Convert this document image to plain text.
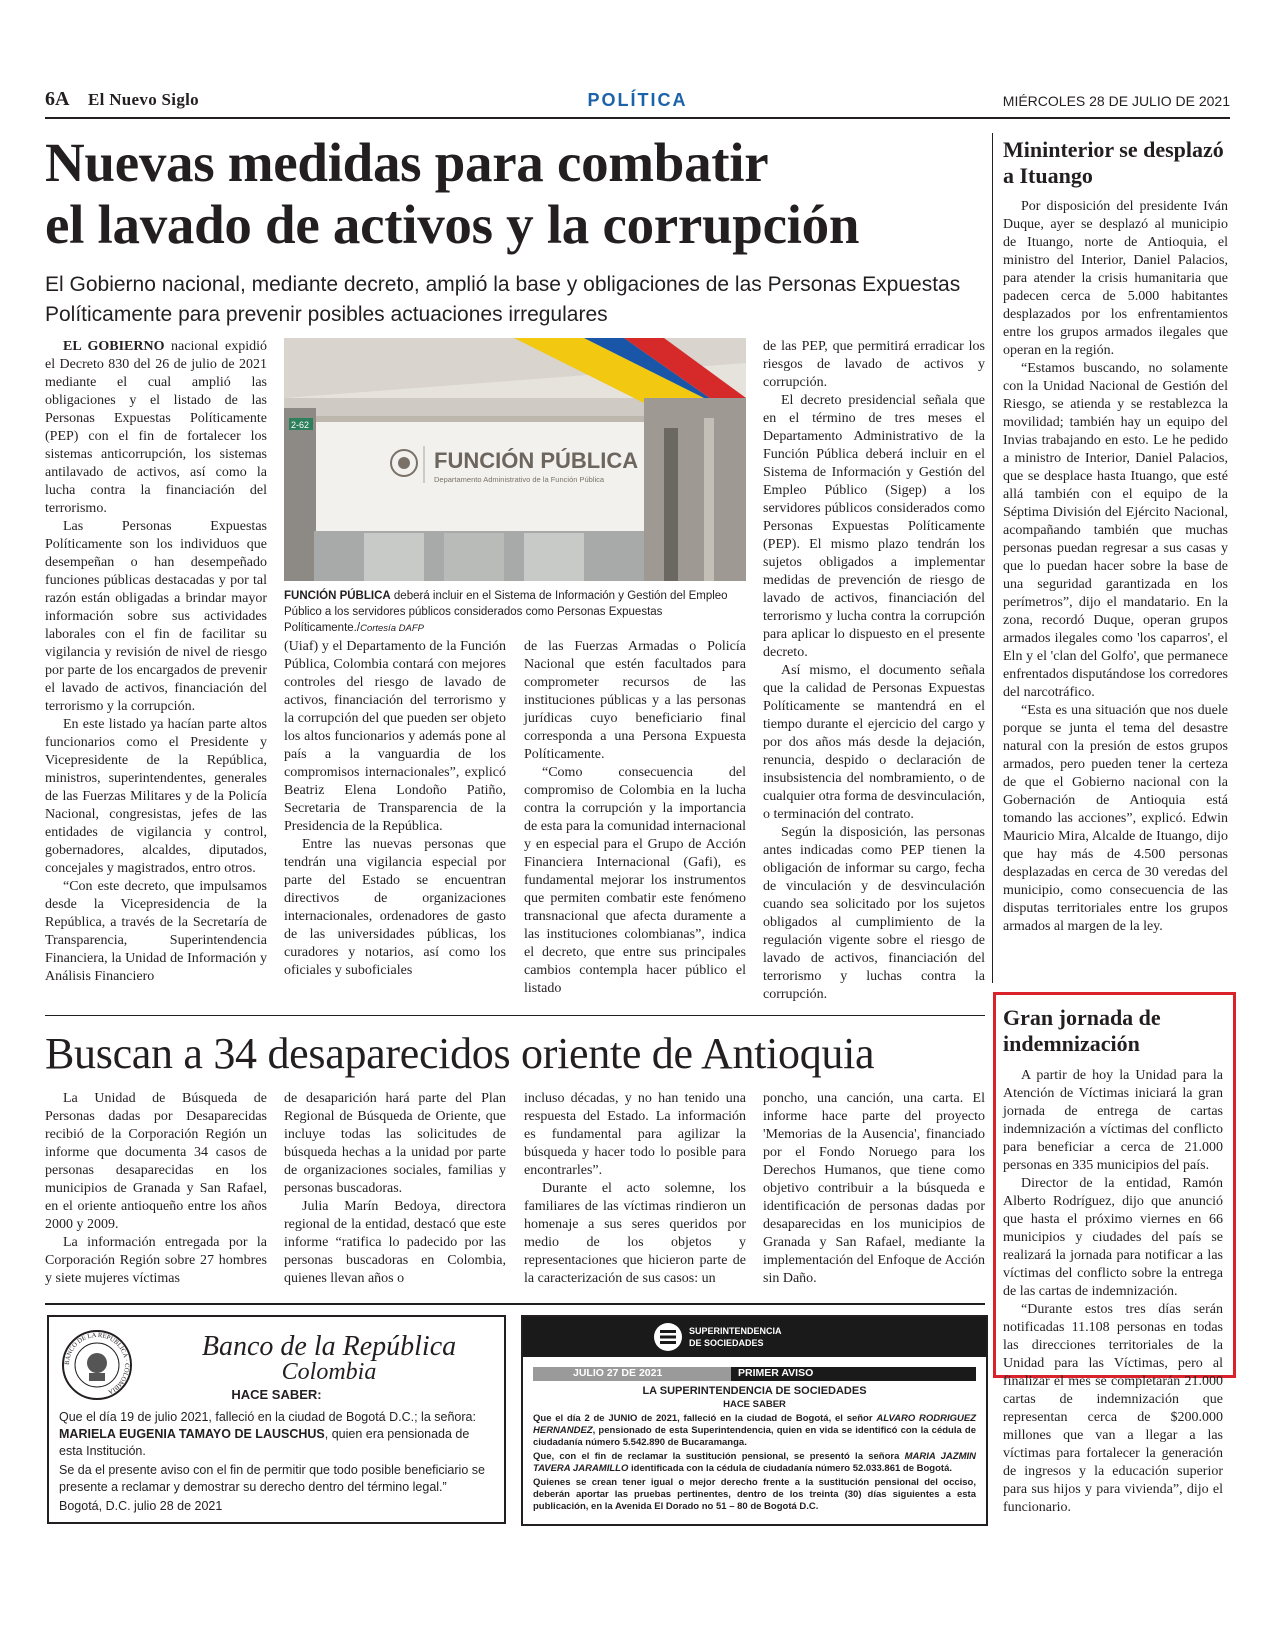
6A El Nuevo Siglo	POLÍTICA	MIÉRCOLES 28 DE JULIO DE 2021
Nuevas medidas para combatir
el lavado de activos y la corrupción
El Gobierno nacional, mediante decreto, amplió la base y obligaciones de las Personas Expuestas Políticamente para prevenir posibles actuaciones irregulares

EL GOBIERNO nacional expidió el Decreto 830 del 26 de julio de 2021 mediante el cual amplió las obligaciones y el listado de las Personas Expuestas Políticamente (PEP) con el fin de fortalecer los sistemas anticorrupción, los sistemas antilavado de activos, así como la lucha contra la financiación del terrorismo.

Las Personas Expuestas Políticamente son los individuos que desempeñan o han desempeñado funciones públicas destacadas y por tal razón están obligadas a brindar mayor información sobre sus actividades laborales con el fin de facilitar su vigilancia y revisión de nivel de riesgo por parte de los encargados de prevenir el lavado de activos, financiación del terrorismo y la corrupción.

En este listado ya hacían parte altos funcionarios como el Presidente y Vicepresidente de la República, ministros, superintendentes, generales de las Fuerzas Militares y de la Policía Nacional, congresistas, jefes de las entidades de vigilancia y control, gobernadores, alcaldes, diputados, concejales y magistrados, entro otros.

“Con este decreto, que impulsamos desde la Vicepresidencia de la República, a través de la Secretaría de Transparencia, Superintendencia Financiera, la Unidad de Información y Análisis Financiero

2-62
FUNCIÓN PÚBLICA
Departamento Administrativo de la Función Pública
FUNCIÓN PÚBLICA deberá incluir en el Sistema de Información y Gestión del Empleo Público a los servidores públicos considerados como Personas Expuestas Políticamente./Cortesía DAFP

(Uiaf) y el Departamento de la Función Pública, Colombia contará con mejores controles del riesgo de lavado de activos, financiación del terrorismo y la corrupción del que pueden ser objeto los altos funcionarios y además pone al país a la vanguardia de los compromisos internacionales”, explicó Beatriz Elena Londoño Patiño, Secretaria de Transparencia de la Presidencia de la República.

Entre las nuevas personas que tendrán una vigilancia especial por parte del Estado se encuentran directivos de organizaciones internacionales, ordenadores de gasto de las universidades públicas, los curadores y notarios, así como los oficiales y suboficiales

de las Fuerzas Armadas o Policía Nacional que estén facultados para comprometer recursos de las instituciones públicas y a las personas jurídicas cuyo beneficiario final corresponda a una Persona Expuesta Políticamente.

“Como consecuencia del compromiso de Colombia en la lucha contra la corrupción y la importancia de esta para la comunidad internacional y en especial para el Grupo de Acción Financiera Internacional (Gafi), es fundamental mejorar los instrumentos que permiten combatir este fenómeno transnacional que afecta duramente a las instituciones colombianas”, indica el decreto, que entre sus principales cambios contempla hacer público el listado

de las PEP, que permitirá erradicar los riesgos de lavado de activos y corrupción.

El decreto presidencial señala que en el término de tres meses el Departamento Administrativo de la Función Pública deberá incluir en el Sistema de Información y Gestión del Empleo Público (Sigep) a los servidores públicos considerados como Personas Expuestas Políticamente (PEP). El mismo plazo tendrán los sujetos obligados a implementar medidas de prevención de riesgo de lavado de activos, financiación del terrorismo y lucha contra la corrupción para aplicar lo dispuesto en el presente decreto.

Así mismo, el documento señala que la calidad de Personas Expuestas Políticamente se mantendrá en el tiempo durante el ejercicio del cargo y por dos años más desde la dejación, renuncia, despido o declaración de insubsistencia del nombramiento, o de cualquier otra forma de desvinculación, o terminación del contrato.

Según la disposición, las personas antes indicadas como PEP tienen la obligación de informar su cargo, fecha de vinculación y de desvinculación cuando sea solicitado por los sujetos obligados al cumplimiento de la regulación vigente sobre el riesgo de lavado de activos, financiación del terrorismo y luchas contra la corrupción.

Mininterior se desplazó a Ituango

Por disposición del presidente Iván Duque, ayer se desplazó al municipio de Ituango, norte de Antioquia, el ministro del Interior, Daniel Palacios, para atender la crisis humanitaria que padecen cerca de 5.000 habitantes desplazados por los enfrentamientos entre los grupos armados ilegales que operan en la región.

“Estamos buscando, no solamente con la Unidad Nacional de Gestión del Riesgo, se atienda y se restablezca la movilidad; también hay un equipo del Invias trabajando en esto. Le he pedido a ministro de Interior, Daniel Palacios, que se desplace hasta Ituango, que esté allá también con el equipo de la Séptima División del Ejército Nacional, acompañando también que muchas personas puedan regresar a sus casas y que lo puedan hacer sobre la base de una seguridad garantizada en los perímetros”, dijo el mandatario. En la zona, recordó Duque, operan grupos armados ilegales como 'los caparros', el Eln y el 'clan del Golfo', que permanece enfrentados disputándose los corredores del narcotráfico.

“Esta es una situación que nos duele porque se junta el tema del desastre natural con la presión de estos grupos armados, pero pueden tener la certeza de que el Gobierno nacional con la Gobernación de Antioquia está tomando las acciones”, explicó. Edwin Mauricio Mira, Alcalde de Ituango, dijo que hay más de 4.500 personas desplazadas en cerca de 30 veredas del municipio, como consecuencia de las disputas territoriales entre los grupos armados al margen de la ley.

Gran jornada de indemnización

A partir de hoy la Unidad para la Atención de Víctimas iniciará la gran jornada de entrega de cartas indemnización a víctimas del conflicto para beneficiar a cerca de 21.000 personas en 335 municipios del país.

Director de la entidad, Ramón Alberto Rodríguez, dijo que anunció que hasta el próximo viernes en 66 municipios y ciudades del país se realizará la jornada para notificar a las víctimas del conflicto sobre la entrega de las cartas de indemnización.

“Durante estos tres días serán notificadas 11.108 personas en todas las direcciones territoriales de la Unidad para las Víctimas, pero al finalizar el mes se completarán 21.000 cartas de indemnización que representan cerca de $200.000 millones que van a llegar a las víctimas para fortalecer la generación de ingresos y la educación superior para sus hijos y para vivienda”, dijo el funcionario.

Buscan a 34 desaparecidos oriente de Antioquia

La Unidad de Búsqueda de Personas dadas por Desaparecidas recibió de la Corporación Región un informe que documenta 34 casos de personas desaparecidas en los municipios de Granada y San Rafael, en el oriente antioqueño entre los años 2000 y 2009.

La información entregada por la Corporación Región sobre 27 hombres y siete mujeres víctimas

de desaparición hará parte del Plan Regional de Búsqueda de Oriente, que incluye todas las solicitudes de búsqueda hechas a la unidad por parte de organizaciones sociales, familias y personas buscadoras.

Julia Marín Bedoya, directora regional de la entidad, destacó que este informe “ratifica lo padecido por las personas buscadoras en Colombia, quienes llevan años o

incluso décadas, y no han tenido una respuesta del Estado. La información es fundamental para agilizar la búsqueda y hacer todo lo posible para encontrarles”.

Durante el acto solemne, los familiares de las víctimas rindieron un homenaje a sus seres queridos por medio de los objetos y representaciones que hicieron parte de la caracterización de sus casos: un

poncho, una canción, una carta. El informe hace parte del proyecto 'Memorias de la Ausencia', financiado por el Fondo Noruego para los Derechos Humanos, que tiene como objetivo contribuir a la búsqueda e identificación de personas dadas por desaparecidas en los municipios de Granada y San Rafael, mediante la implementación del Enfoque de Acción sin Daño.

BANCO DE LA REPUBLICA · COLOMBIA
Banco de la República
Colombia
HACE SABER:
Que el día 19 de julio 2021, falleció en la ciudad de Bogotá D.C.; la señora: MARIELA EUGENIA TAMAYO DE LAUSCHUS, quien era pensionada de esta Institución.
Se da el presente aviso con el fin de permitir que todo posible beneficiario se presente a reclamar y demostrar su derecho dentro del término legal.”
Bogotá, D.C. julio 28 de 2021
SUPERINTENDENCIA
DE SOCIEDADES
JULIO 27 DE 2021	PRIMER AVISO
LA SUPERINTENDENCIA DE SOCIEDADES
HACE SABER
Que el día 2 de JUNIO de 2021, falleció en la ciudad de Bogotá, el señor ALVARO RODRIGUEZ HERNANDEZ, pensionado de esta Superintendencia, quien en vida se identificó con la cédula de ciudadanía número 5.542.890 de Bucaramanga.
Que, con el fin de reclamar la sustitución pensional, se presentó la señora MARIA JAZMIN TAVERA JARAMILLO identificada con la cédula de ciudadanía número 52.033.861 de Bogotá.
Quienes se crean tener igual o mejor derecho frente a la sustitución pensional del occiso, deberán aportar las pruebas pertinentes, dentro de los treinta (30) días siguientes a esta publicación, en la Avenida El Dorado no 51 – 80 de Bogotá D.C.
